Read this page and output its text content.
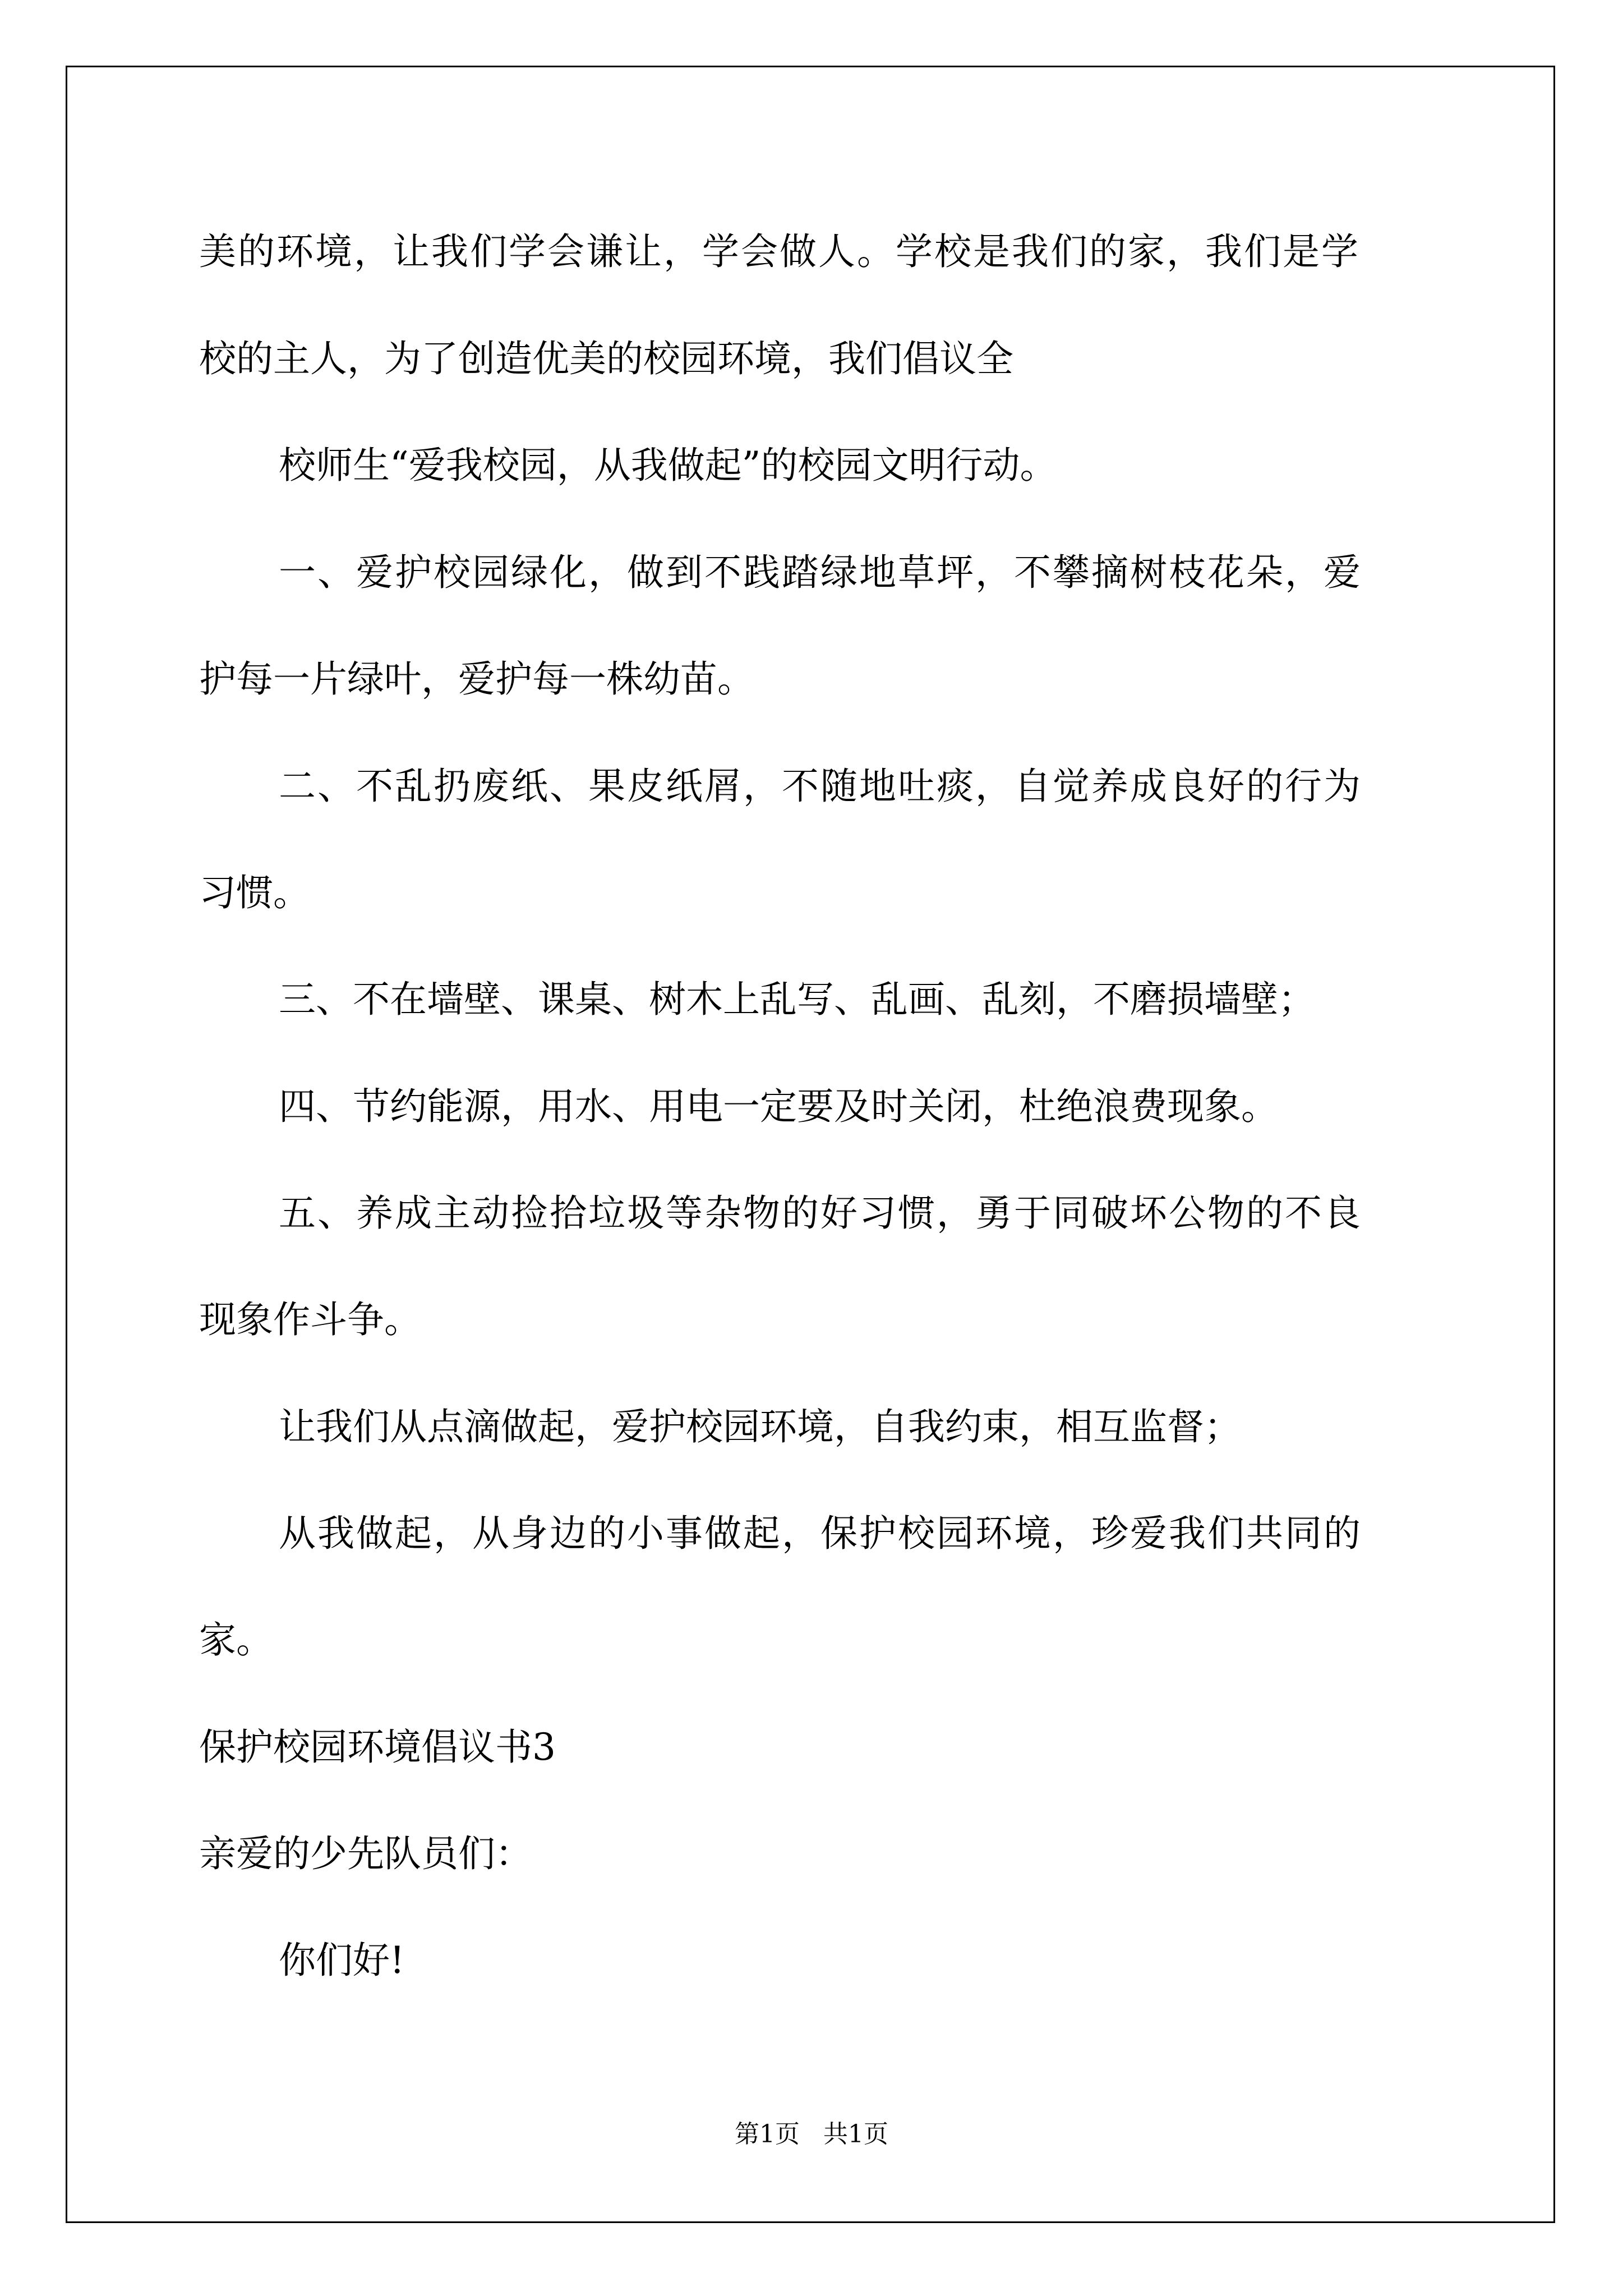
美的环境，让我们学会谦让，学会做人。学校是我们的家，我们是学

校的主人，为了创造优美的校园环境，我们倡议全

校师生“爱我校园，从我做起”的校园文明行动。

一、爱护校园绿化，做到不践踏绿地草坪，不攀摘树枝花朵，爱

护每一片绿叶，爱护每一株幼苗。

二、不乱扔废纸、果皮纸屑，不随地吐痰，自觉养成良好的行为

习惯。

三、不在墙壁、课桌、树木上乱写、乱画、乱刻，不磨损墙壁；

四、节约能源，用水、用电一定要及时关闭，杜绝浪费现象。

五、养成主动捡拾垃圾等杂物的好习惯，勇于同破坏公物的不良

现象作斗争。

让我们从点滴做起，爱护校园环境，自我约束，相互监督；

从我做起，从身边的小事做起，保护校园环境，珍爱我们共同的

家。

保护校园环境倡议书3

亲爱的少先队员们：

你们好!

第1页   共1页
